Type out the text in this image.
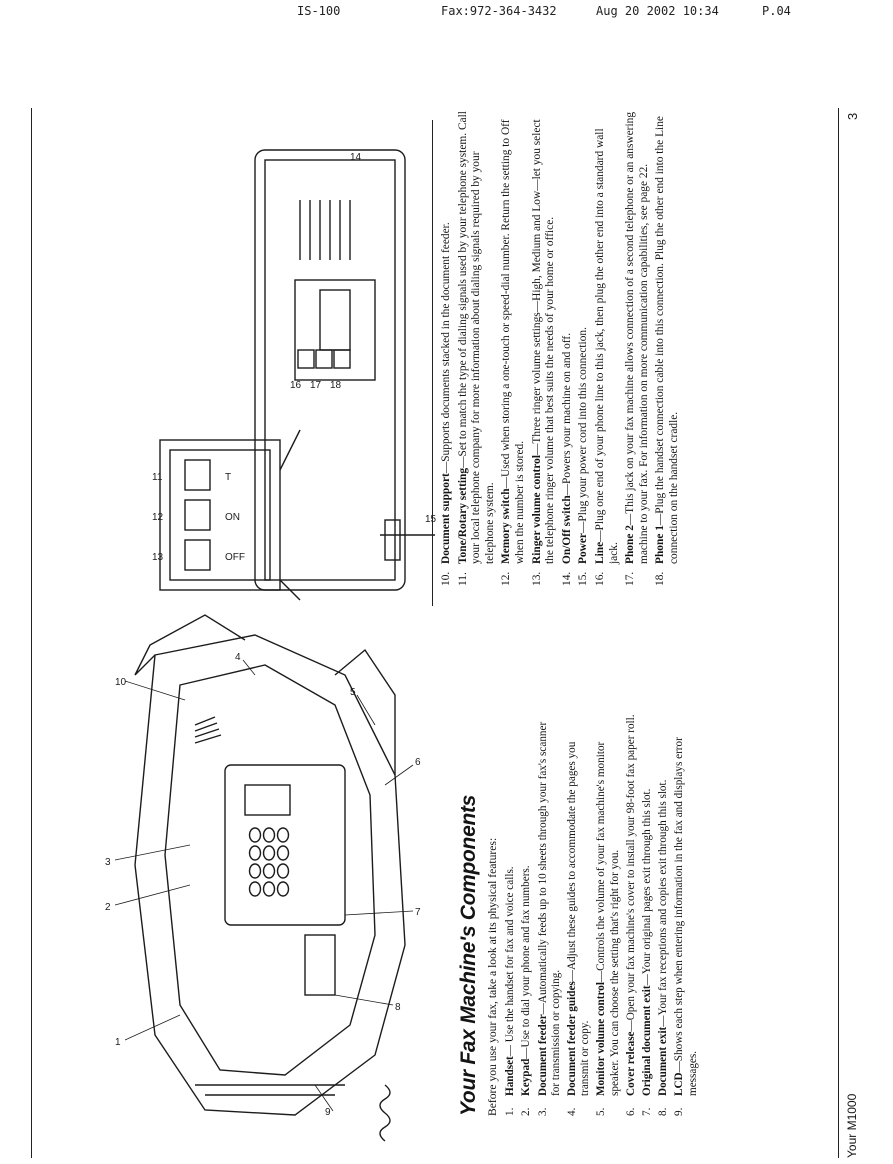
IS-100	Fax:972-364-3432	Aug 20 2002 10:34	P.04
1
2
3
4
5
6
7
8
9
10
11
12
13
14
15
16 17 18
T
ON
OFF
Your Fax Machine's Components Before you use your fax, take a look at its physical features: 1.
Handset— Use the handset for fax and voice calls.
2.
Keypad—Use to dial your phone and fax numbers.
3.
Document feeder—Automatically feeds up to 10 sheets through your fax's scanner for transmission or copying.
4.
Document feeder guides—Adjust these guides to accommodate the pages you transmit or copy.
5.
Monitor volume control—Controls the volume of your fax machine's monitor speaker. You can choose the setting that's right for you.
6.
Cover release—Open your fax machine's cover to install your 98-foot fax paper roll.
7.
Original document exit—Your original pages exit through this slot.
8.
Document exit—Your fax receptions and copies exit through this slot.
9.
LCD—Shows each step when entering information in the fax and displays error messages.
10.
Document support—Supports documents stacked in the document feeder.
11.
Tone/Rotary setting—Set to match the type of dialing signals used by your telephone system. Call your local telephone company for more information about dialing signals required by your telephone system.
12.
Memory switch—Used when storing a one-touch or speed-dial number. Return the setting to Off when the number is stored.
13.
Ringer volume control—Three ringer volume settings—High, Medium and Low—let you select the telephone ringer volume that best suits the needs of your home or office.
14.
On/Off switch—Powers your machine on and off.
15.
Power—Plug your power cord into this connection.
16.
Line—Plug one end of your phone line to this jack, then plug the other end into a standard wall jack.
17.
Phone 2—This jack on your fax machine allows connection of a second telephone or an answering machine to your fax. For information on more communication capabilities, see page 22.
18.
Phone 1—Plug the handset connection cable into this connection. Plug the other end into the Line connection on the handset cradle.
Your M1000
3
